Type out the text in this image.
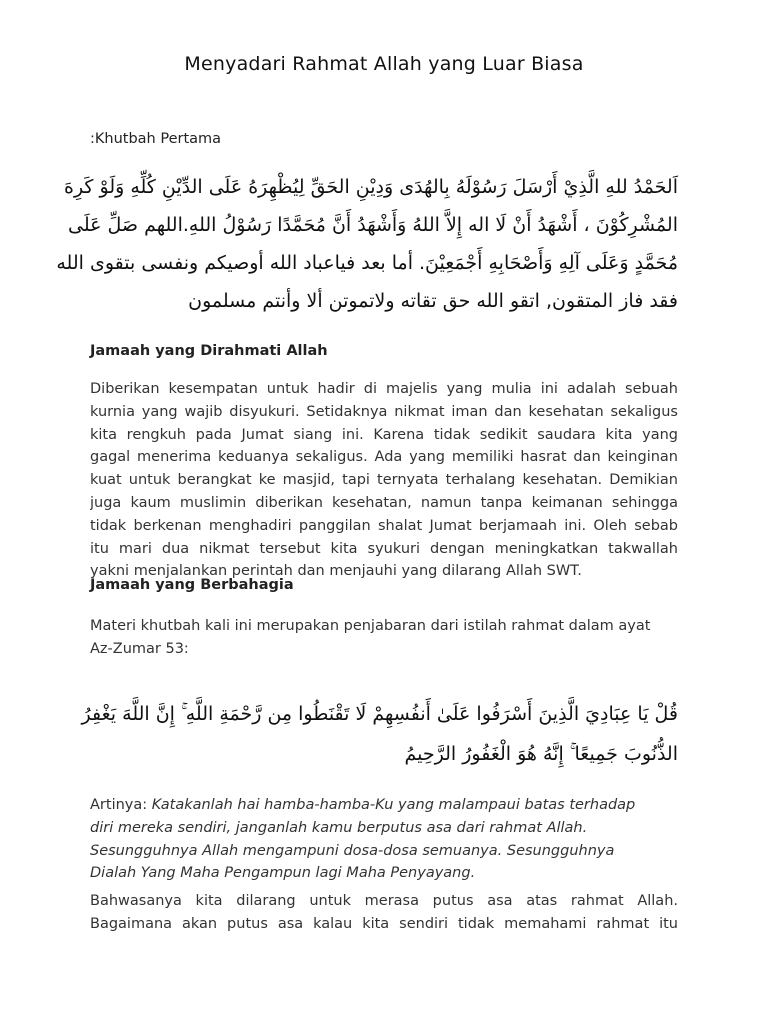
Menyadari Rahmat Allah yang Luar Biasa
:Khutbah Pertama
اَلحَمْدُ للهِ الَّذِيْ أَرْسَلَ رَسُوْلَهُ بِالهُدَى وَدِيْنِ الحَقِّ لِيُظْهِرَهُ عَلَى الدِّيْنِ كُلِّهِ وَلَوْ كَرِهَ
المُشْرِكُوْنَ ، أَشْهَدُ أَنْ لَا اله إِلاَّ اللهُ وَأَشْهَدُ أَنَّ مُحَمَّدًا رَسُوْلُ اللهِ.اللهم صَلِّ عَلَى
مُحَمَّدٍ وَعَلَى آلِهِ وَأَصْحَابِهِ أَجْمَعِيْنَ. أما بعد فياعباد الله أوصيكم ونفسى بتقوى الله
فقد فاز المتقون, اتقو الله حق تقاته ولاتموتن ألا وأنتم مسلمون
Jamaah yang Dirahmati Allah
Diberikan kesempatan untuk hadir di majelis yang mulia ini adalah sebuah
kurnia yang wajib disyukuri. Setidaknya nikmat iman dan kesehatan sekaligus
kita rengkuh pada Jumat siang ini. Karena tidak sedikit saudara kita yang
gagal menerima keduanya sekaligus. Ada yang memiliki hasrat dan keinginan
kuat untuk berangkat ke masjid, tapi ternyata terhalang kesehatan. Demikian
juga kaum muslimin diberikan kesehatan, namun tanpa keimanan sehingga
tidak berkenan menghadiri panggilan shalat Jumat berjamaah ini. Oleh sebab
itu mari dua nikmat tersebut kita syukuri dengan meningkatkan takwallah
yakni menjalankan perintah dan menjauhi yang dilarang Allah SWT.
Jamaah yang Berbahagia
Materi khutbah kali ini merupakan penjabaran dari istilah rahmat dalam ayat
Az-Zumar 53:
قُلْ يَا عِبَادِيَ الَّذِينَ أَسْرَفُوا عَلَىٰ أَنفُسِهِمْ لَا تَقْنَطُوا مِن رَّحْمَةِ اللَّهِ ۚ إِنَّ اللَّهَ يَغْفِرُ
الذُّنُوبَ جَمِيعًا ۚ إِنَّهُ هُوَ الْغَفُورُ الرَّحِيمُ
Artinya: Katakanlah hai hamba-hamba-Ku yang malampaui batas terhadap
diri mereka sendiri, janganlah kamu berputus asa dari rahmat Allah.
Sesungguhnya Allah mengampuni dosa-dosa semuanya. Sesungguhnya
Dialah Yang Maha Pengampun lagi Maha Penyayang.
Bahwasanya kita dilarang untuk merasa putus asa atas rahmat Allah.
Bagaimana akan putus asa kalau kita sendiri tidak memahami rahmat itu
